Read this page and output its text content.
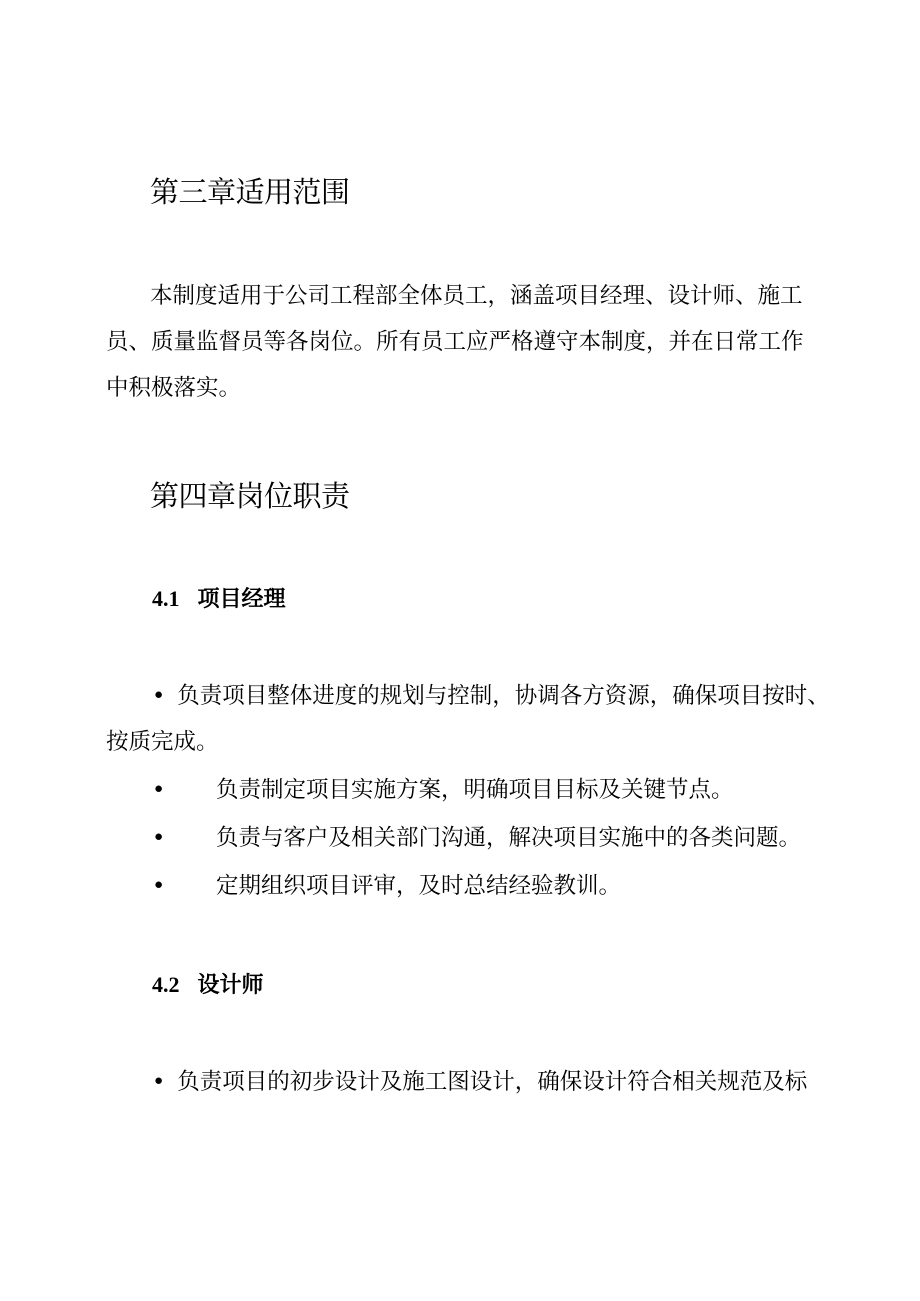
第三章适用范围

本制度适用于公司工程部全体员工，涵盖项目经理、设计师、施工

员、质量监督员等各岗位。所有员工应严格遵守本制度，并在日常工作

中积极落实。

第四章岗位职责
4.1 项目经理

• 负责项目整体进度的规划与控制，协调各方资源，确保项目按时、

按质完成。

• 负责制定项目实施方案，明确项目目标及关键节点。

• 负责与客户及相关部门沟通，解决项目实施中的各类问题。

• 定期组织项目评审，及时总结经验教训。

4.2 设计师

• 负责项目的初步设计及施工图设计，确保设计符合相关规范及标
